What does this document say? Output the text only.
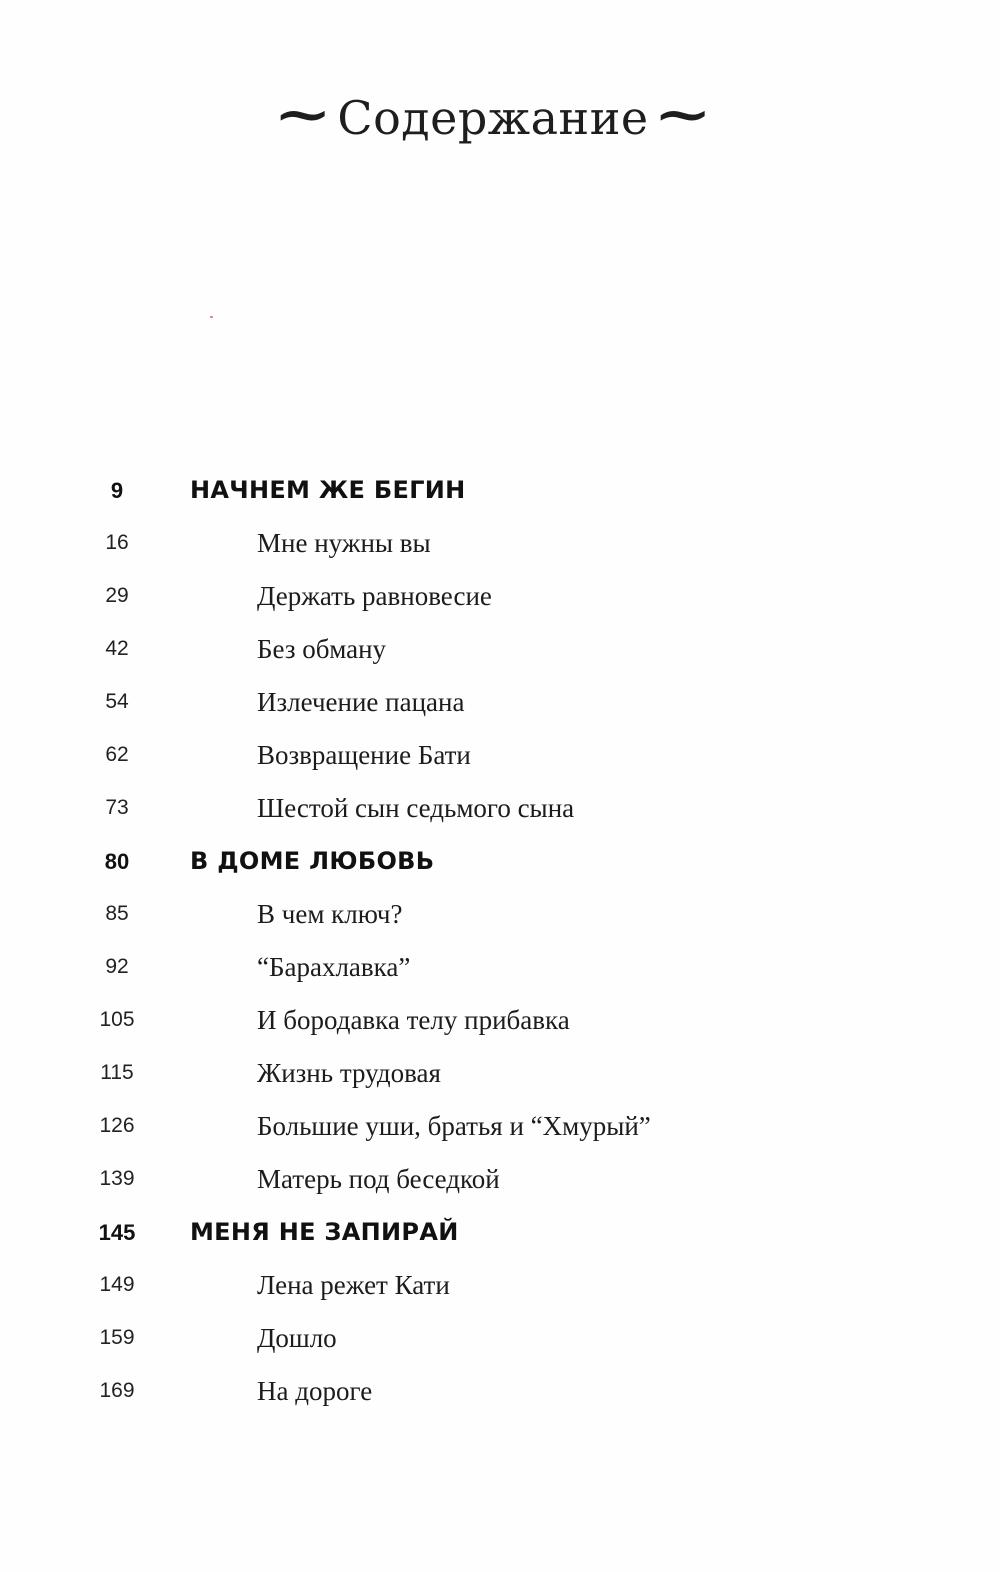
~Содержание~
9	НАЧНЕМ ЖЕ БЕГИН
16	Мне нужны вы
29	Держать равновесие
42	Без обману
54	Излечение пацана
62	Возвращение Бати
73	Шестой сын седьмого сына
80	В ДОМЕ ЛЮБОВЬ
85	В чем ключ?
92	“Барахлавка”
105	И бородавка телу прибавка
115	Жизнь трудовая
126	Большие уши, братья и “Хмурый”
139	Матерь под беседкой
145 МЕНЯ НЕ ЗАПИРАЙ
149	Лена режет Кати
159	Дошло
169	На дороге
